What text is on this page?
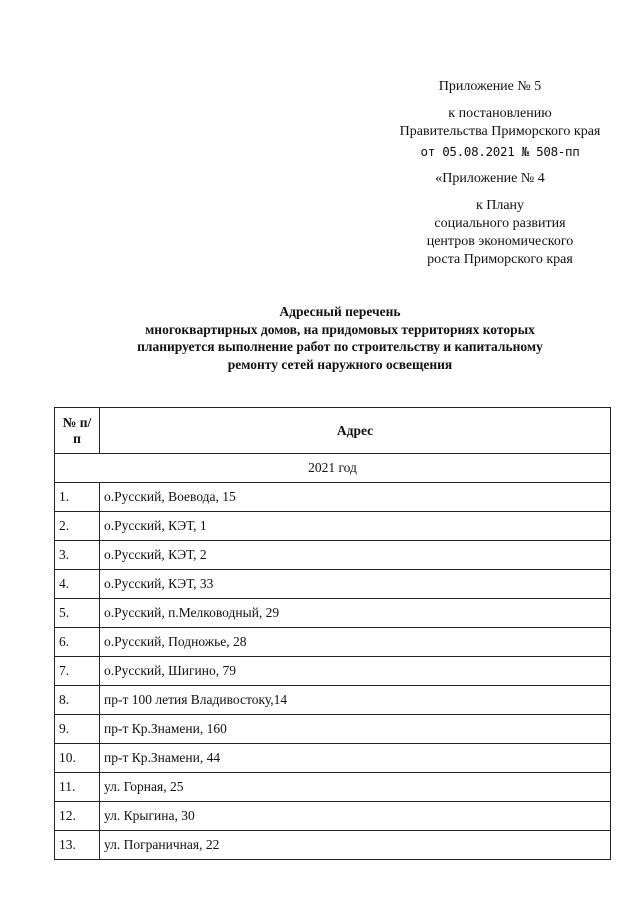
Приложение № 5
к постановлению
Правительства Приморского края
от 05.08.2021 № 508-пп
«Приложение № 4
к Плану
социального развития
центров экономического
роста Приморского края
Адресный перечень
многоквартирных домов, на придомовых территориях которых
планируется выполнение работ по строительству и капитальному
ремонту сетей наружного освещения
№ п/
п	Адрес
2021 год	
1.	о.Русский, Воевода, 15
2.	о.Русский, КЭТ, 1
3.	о.Русский, КЭТ, 2
4.	о.Русский, КЭТ, 33
5.	о.Русский, п.Мелководный, 29
6.	о.Русский, Подножье, 28
7.	о.Русский, Шигино, 79
8.	пр-т 100 летия Владивостоку,14
9.	пр-т Кр.Знамени, 160
10.	пр-т Кр.Знамени, 44
11.	ул. Горная, 25
12.	ул. Крыгина, 30
13.	ул. Пограничная, 22
